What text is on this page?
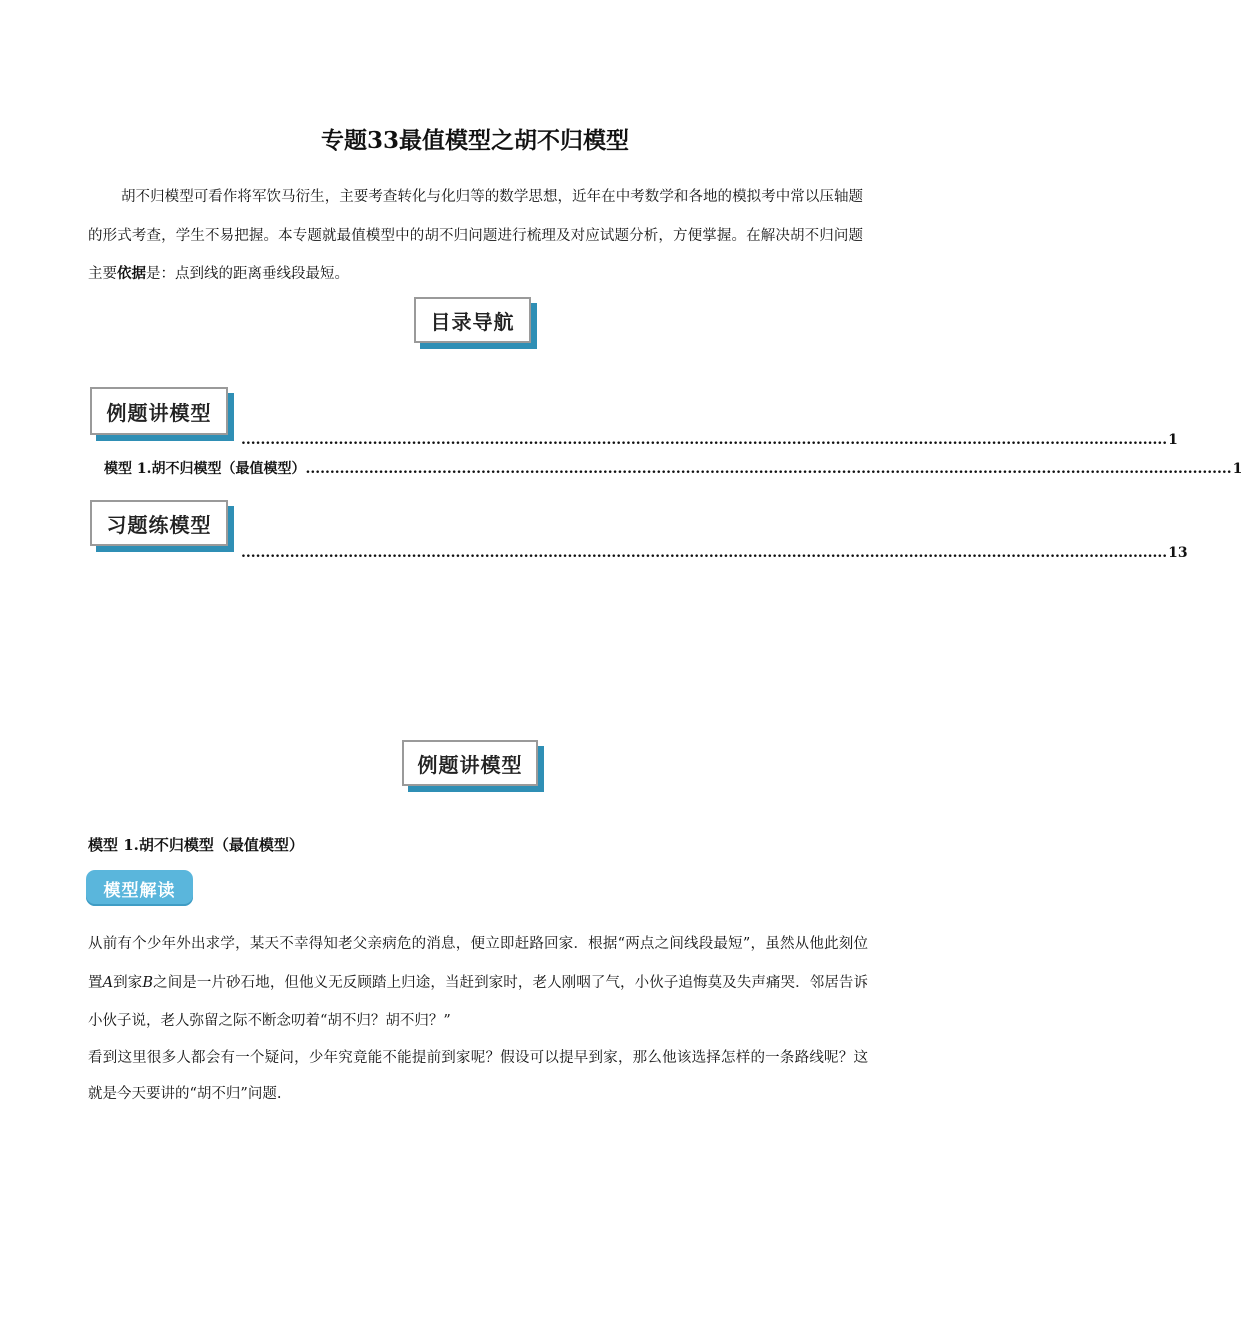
专题33最值模型之胡不归模型

胡不归模型可看作将军饮马衍生，主要考查转化与化归等的数学思想，近年在中考数学和各地的模拟考中常以压轴题的形式考查，学生不易把握。本专题就最值模型中的胡不归问题进行梳理及对应试题分析，方便掌握。在解决胡不归问题主要依据是：点到线的距离垂线段最短。

目录导航
例题讲模型
.............................................................................................................................................................................................. 1
模型 1.胡不归模型（最值模型） .............................................................................................................................................................................................. 1
习题练模型
.............................................................................................................................................................................................. 13
例题讲模型
模型 1.胡不归模型（最值模型）
模型解读

从前有个少年外出求学，某天不幸得知老父亲病危的消息，便立即赶路回家．根据“两点之间线段最短”，虽然从他此刻位置A到家B之间是一片砂石地，但他义无反顾踏上归途，当赶到家时，老人刚咽了气，小伙子追悔莫及失声痛哭．邻居告诉小伙子说，老人弥留之际不断念叨着“胡不归？胡不归？”

看到这里很多人都会有一个疑问，少年究竟能不能提前到家呢？假设可以提早到家，那么他该选择怎样的一条路线呢？这就是今天要讲的“胡不归”问题.
